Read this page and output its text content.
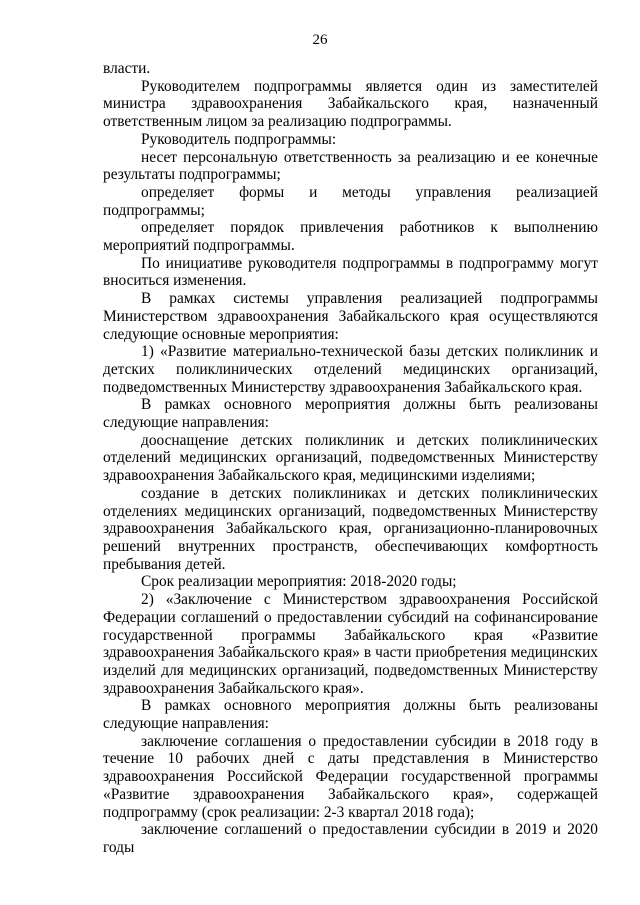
26

власти.

Руководителем подпрограммы является один из заместителей министра здравоохранения Забайкальского края, назначенный ответственным лицом за реализацию подпрограммы.

Руководитель подпрограммы:

несет персональную ответственность за реализацию и ее конечные результаты подпрограммы;

определяет формы и методы управления реализацией подпрограммы;

определяет порядок привлечения работников к выполнению мероприятий подпрограммы.

По инициативе руководителя подпрограммы в подпрограмму могут вноситься изменения.

В рамках системы управления реализацией подпрограммы Министерством здравоохранения Забайкальского края осуществляются следующие основные мероприятия:

1) «Развитие материально-технической базы детских поликлиник и детских поликлинических отделений медицинских организаций, подведомственных Министерству здравоохранения Забайкальского края.

В рамках основного мероприятия должны быть реализованы следующие направления:

дооснащение детских поликлиник и детских поликлинических отделений медицинских организаций, подведомственных Министерству здравоохранения Забайкальского края, медицинскими изделиями;

создание в детских поликлиниках и детских поликлинических отделениях медицинских организаций, подведомственных Министерству здравоохранения Забайкальского края, организационно-планировочных решений внутренних пространств, обеспечивающих комфортность пребывания детей.

Срок реализации мероприятия: 2018-2020 годы;

2) «Заключение с Министерством здравоохранения Российской Федерации соглашений о предоставлении субсидий на софинансирование государственной программы Забайкальского края «Развитие здравоохранения Забайкальского края» в части приобретения медицинских изделий для медицинских организаций, подведомственных Министерству здравоохранения Забайкальского края».

В рамках основного мероприятия должны быть реализованы следующие направления:

заключение соглашения о предоставлении субсидии в 2018 году в течение 10 рабочих дней с даты представления в Министерство здравоохранения Российской Федерации государственной программы «Развитие здравоохранения Забайкальского края», содержащей подпрограмму (срок реализации: 2-3 квартал 2018 года);

заключение соглашений о предоставлении субсидии в 2019 и 2020 годы
